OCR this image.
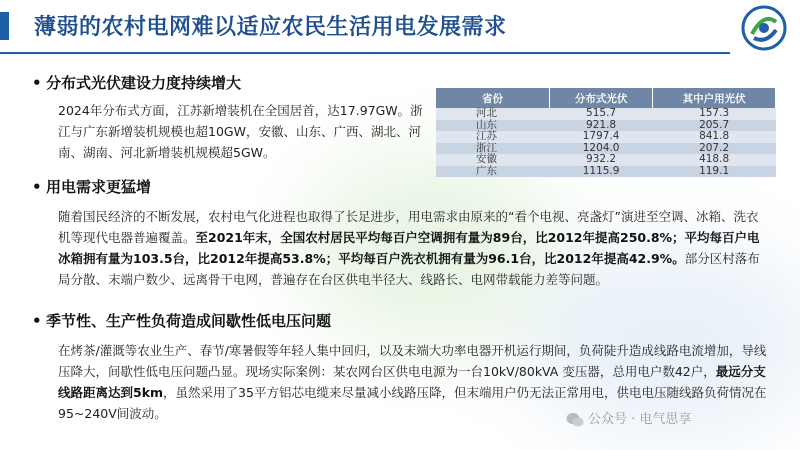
薄弱的农村电网难以适应农民生活用电发展需求
• 分布式光伏建设力度持续增大
2024年分布式方面，江苏新增装机在全国居首，达17.97GW。浙江与广东新增装机规模也超10GW，安徽、山东、广西、湖北、河南、湖南、河北新增装机规模超5GW。
省份	分布式光伏	其中户用光伏
河北	515.7	157.3
山东	921.8	205.7
江苏	1797.4	841.8
浙江	1204.0	207.2
安徽	932.2	418.8
广东	1115.9	119.1
• 用电需求更猛增
随着国民经济的不断发展，农村电气化进程也取得了长足进步，用电需求由原来的“看个电视、亮盏灯”演进至空调、冰箱、洗衣机等现代电器普遍覆盖。至2021年末，全国农村居民平均每百户空调拥有量为89台，比2012年提高250.8%；平均每百户电冰箱拥有量为103.5台，比2012年提高53.8%；平均每百户洗衣机拥有量为96.1台，比2012年提高42.9%。部分区村落布局分散、末端户数少、远离骨干电网，普遍存在台区供电半径大、线路长、电网带载能力差等问题。
• 季节性、生产性负荷造成间歇性低电压问题
在烤茶/灌溉等农业生产、春节/寒暑假等年轻人集中回归，以及末端大功率电器开机运行期间，负荷陡升造成线路电流增加，导线压降大，间歇性低电压问题凸显。现场实际案例：某农网台区供电电源为一台10kV/80kVA 变压器，总用电户数42户，最远分支线路距离达到5km，虽然采用了35平方铝芯电缆来尽量减小线路压降，但末端用户仍无法正常用电，供电电压随线路负荷情况在95~240V间波动。	公众号 · 电气思享
